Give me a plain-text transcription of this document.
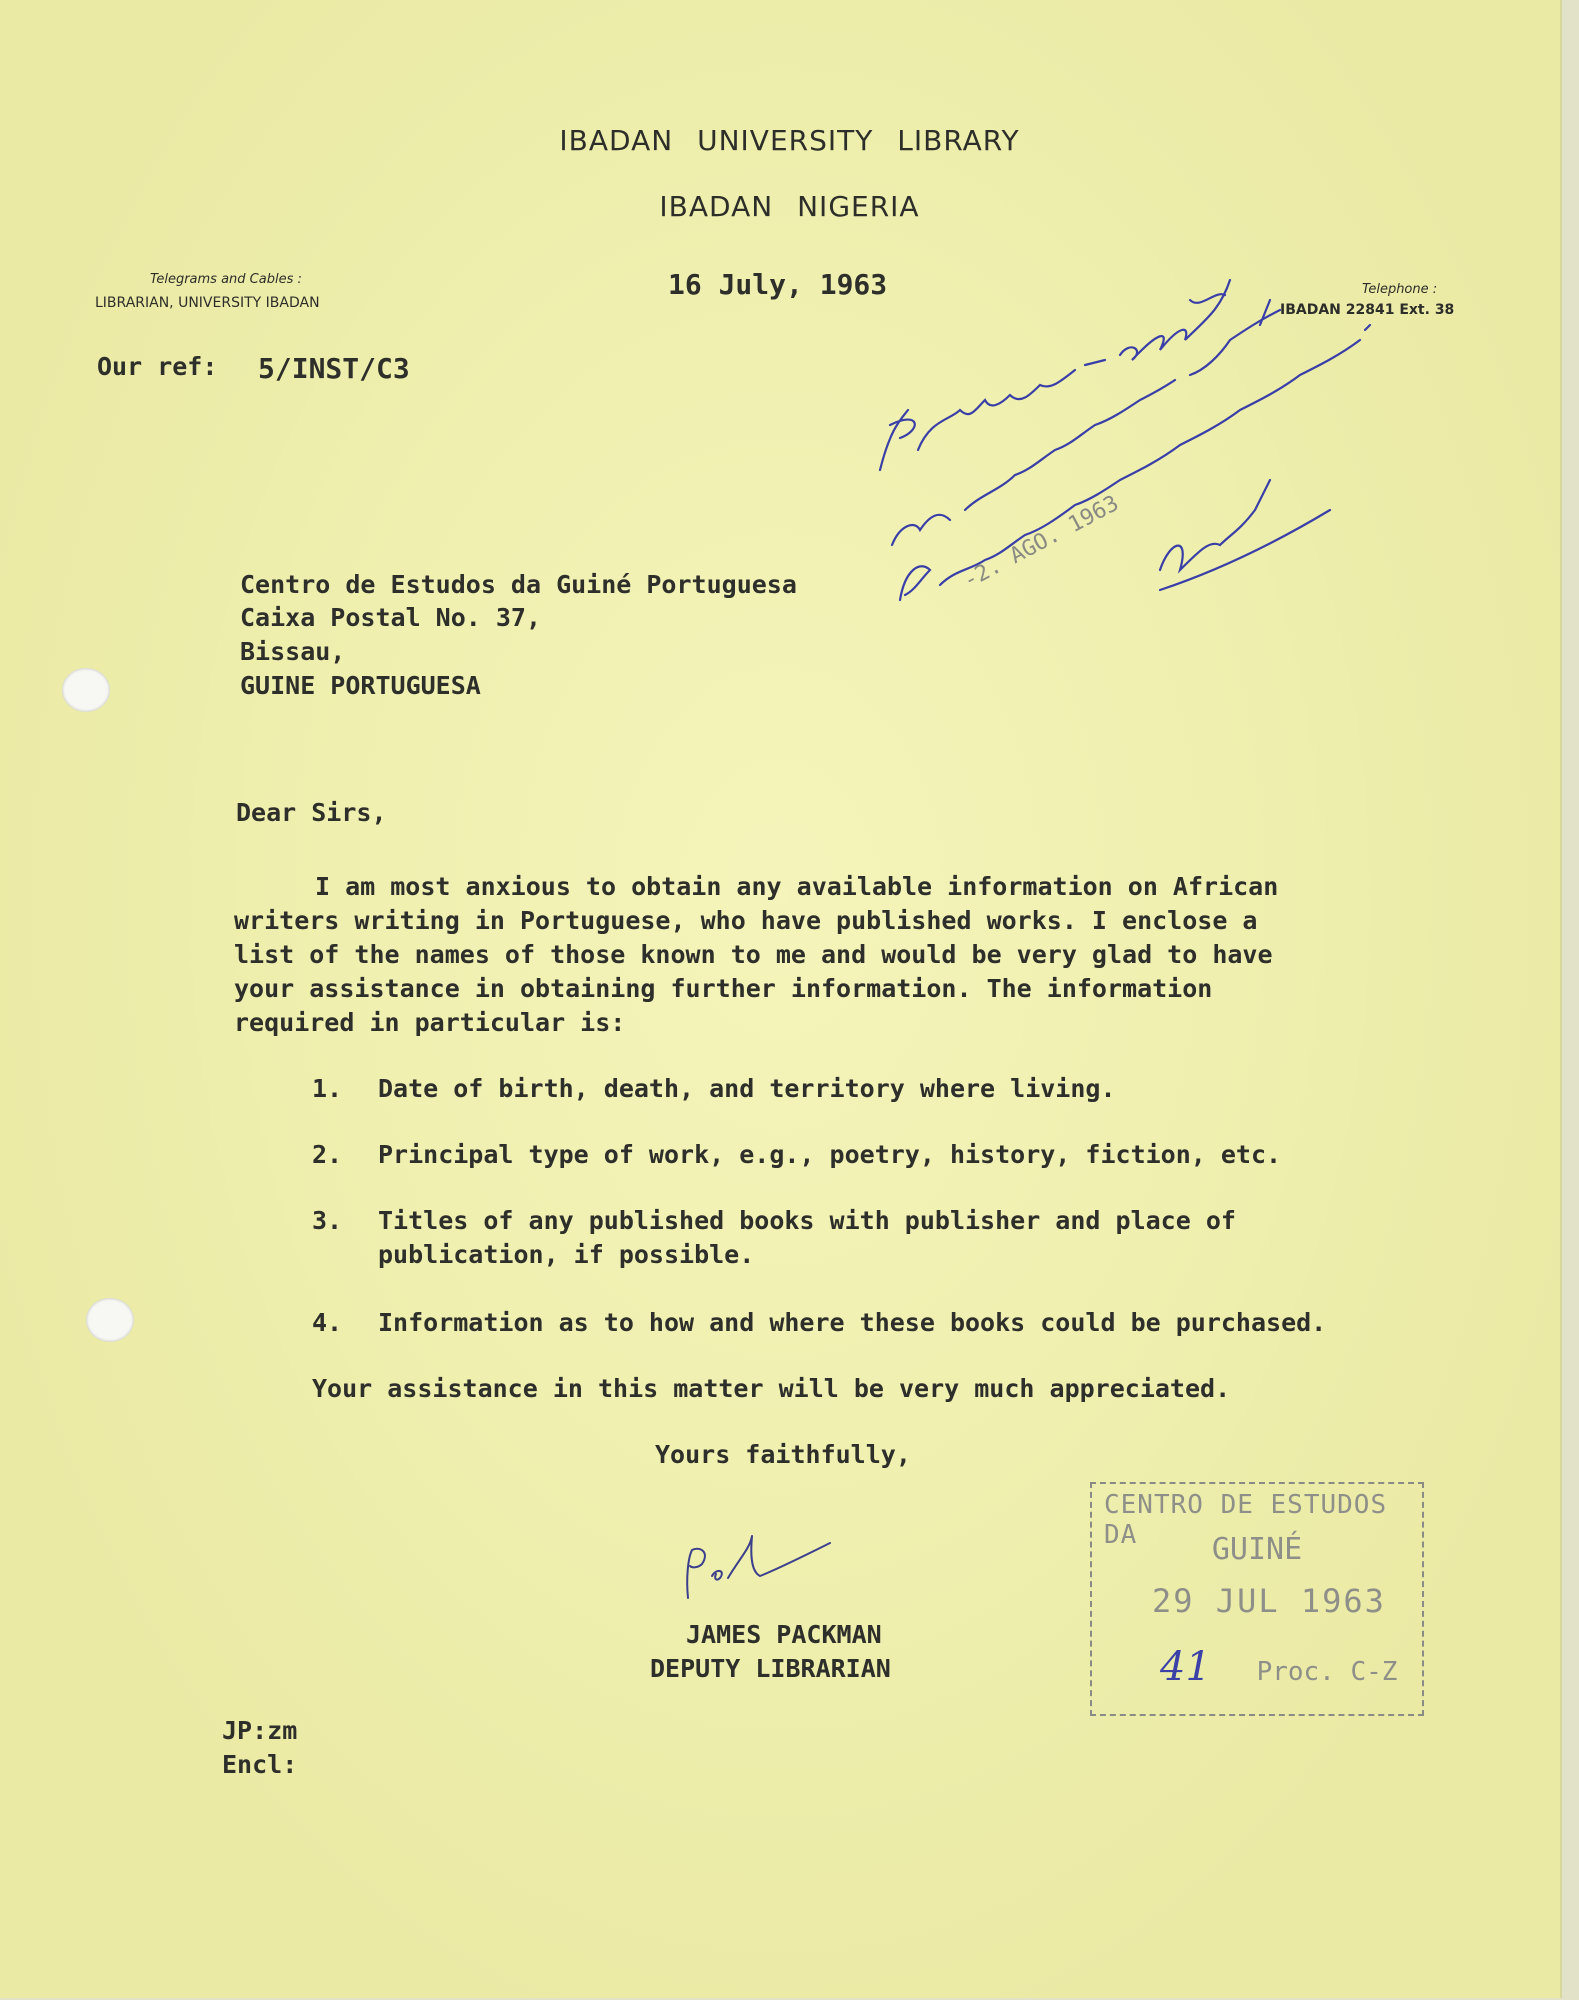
IBADAN UNIVERSITY LIBRARY
IBADAN NIGERIA
Telegrams and Cables :
LIBRARIAN, UNIVERSITY IBADAN
Telephone :
IBADAN 22841 Ext. 38
16 July, 1963
Our ref: 5/INST/C3
Centro de Estudos da Guiné Portuguesa
Caixa Postal No. 37,
Bissau,
GUINE PORTUGUESA
-2. AGO. 1963
Dear Sirs,
I am most anxious to obtain any available information on African
writers writing in Portuguese, who have published works. I enclose a
list of the names of those known to me and would be very glad to have
your assistance in obtaining further information. The information
required in particular is:
1. Date of birth, death, and territory where living.
2. Principal type of work, e.g., poetry, history, fiction, etc.
3. Titles of any published books with publisher and place of
publication, if possible.
4. Information as to how and where these books could be purchased.
Your assistance in this matter will be very much appreciated.
Yours faithfully,
JAMES PACKMAN
DEPUTY LIBRARIAN
JP:zm
Encl:
CENTRO DE ESTUDOS DA	GUINÉ
29 JUL 1963
41 Proc. C-Z
